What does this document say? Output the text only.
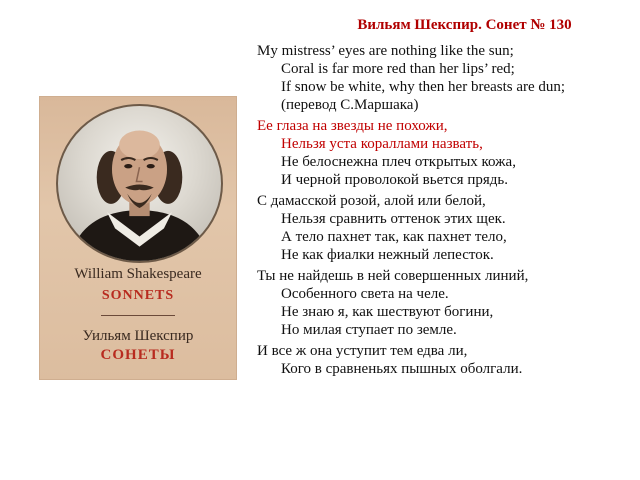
William Shakespeare
SONNETS
Уильям Шекспир
СОНЕТЫ
Вильям Шекспир. Сонет № 130
My mistress’ eyes are nothing like the sun;
Coral is far more red than her lips’ red;
If snow be white, why then her breasts are dun;
(перевод С.Маршака)
Ее глаза на звезды не похожи,
Нельзя уста кораллами назвать,
Не белоснежна плеч открытых кожа,
И черной проволокой вьется прядь.
С дамасской розой, алой или белой,
Нельзя сравнить оттенок этих щек.
А тело пахнет так, как пахнет тело,
Не как фиалки нежный лепесток.
Ты не найдешь в ней совершенных линий,
Особенного света на челе.
Не знаю я, как шествуют богини,
Но милая ступает по земле.
И все ж она уступит тем едва ли,
Кого в сравненьях пышных оболгали.
